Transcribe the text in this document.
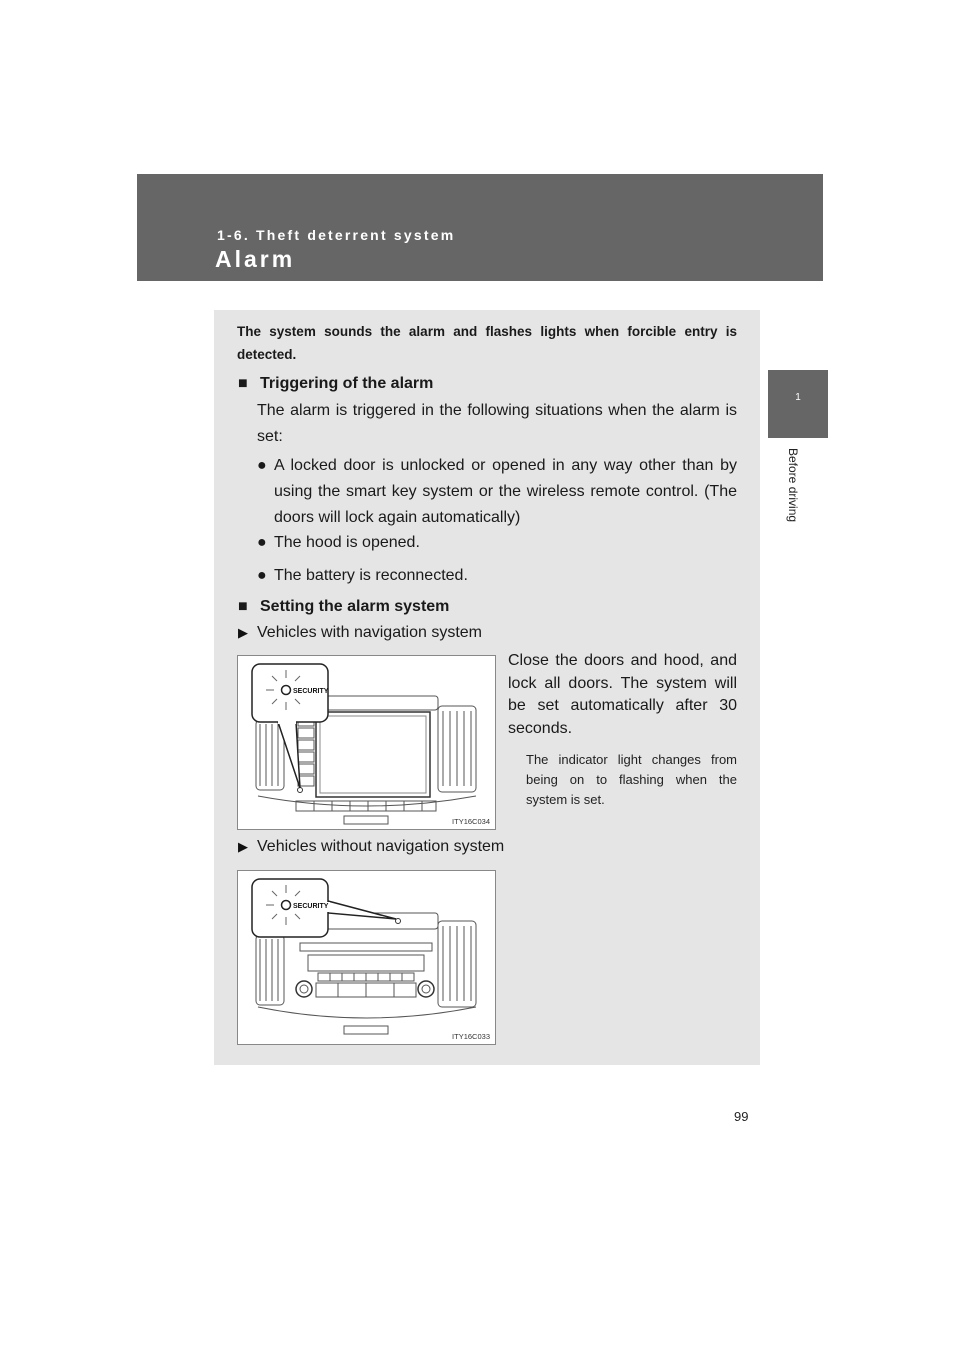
1-6. Theft deterrent system
Alarm
1
Before driving
The system sounds the alarm and flashes lights when forcible entry is detected.
■ Triggering of the alarm
The alarm is triggered in the following situations when the alarm is set:
● A locked door is unlocked or opened in any way other than by using the smart key system or the wireless remote control. (The doors will lock again automatically)
● The hood is opened.
● The battery is reconnected.
■ Setting the alarm system
▶ Vehicles with navigation system
SECURITY
ITY16C034
Close the doors and hood, and lock all doors. The system will be set automatically after 30 seconds.
The indicator light changes from being on to flashing when the system is set.
▶ Vehicles without navigation system
SECURITY
ITY16C033
99
